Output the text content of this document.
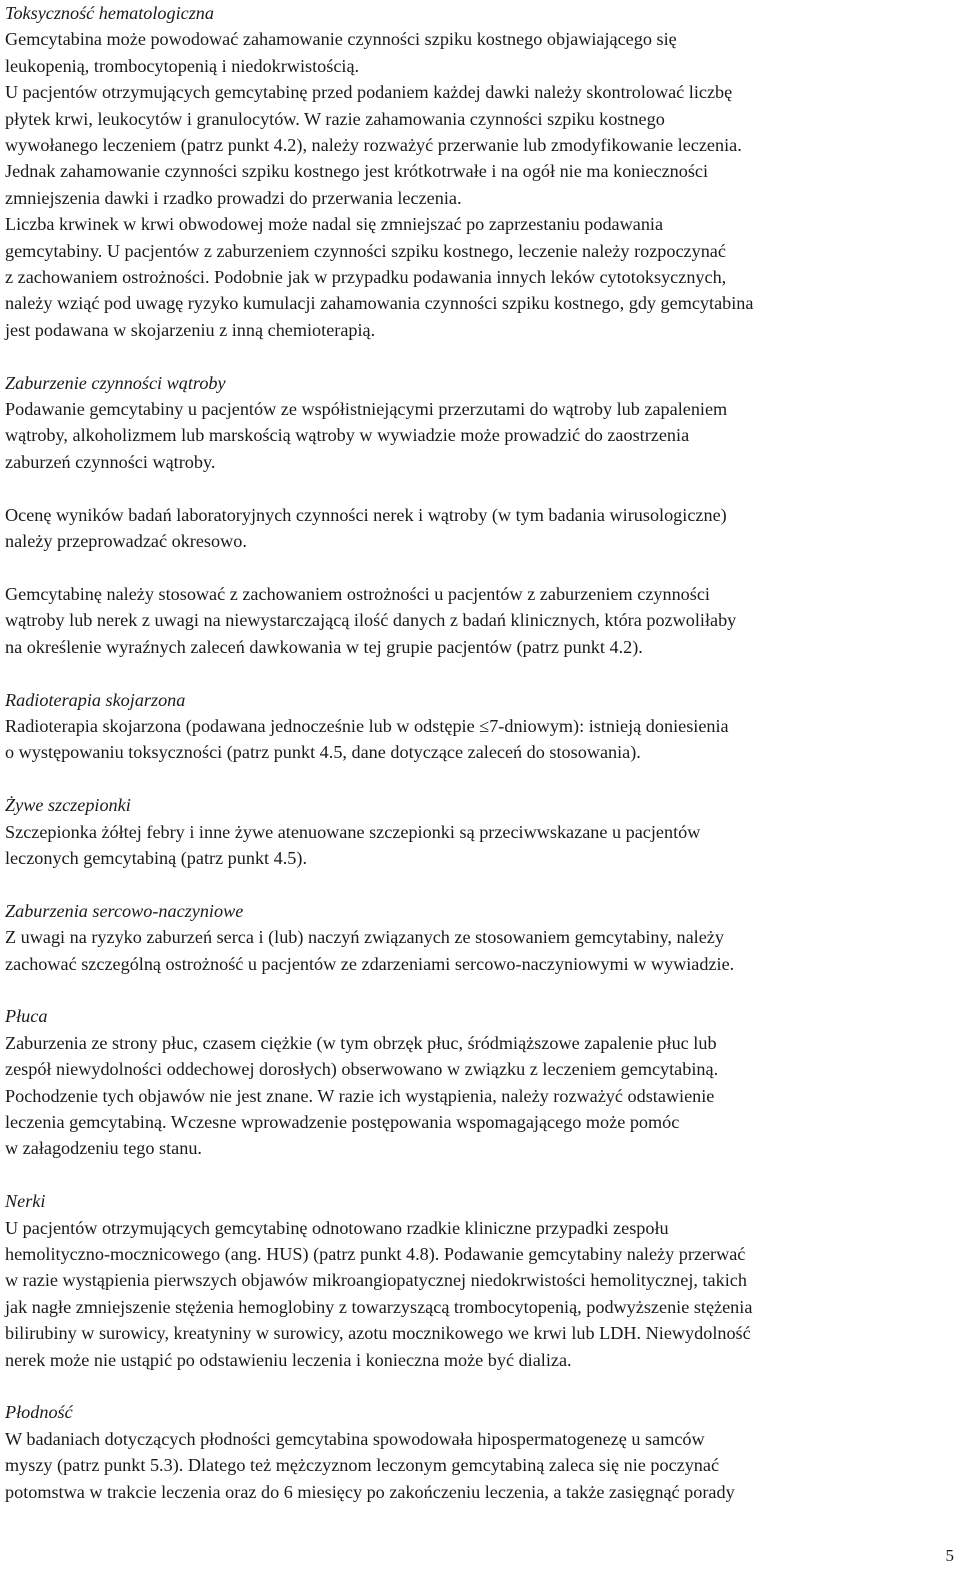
Toksyczność hematologiczna
Gemcytabina może powodować zahamowanie czynności szpiku kostnego objawiającego się
leukopenią, trombocytopenią i niedokrwistością.
U pacjentów otrzymujących gemcytabinę przed podaniem każdej dawki należy skontrolować liczbę
płytek krwi, leukocytów i granulocytów. W razie zahamowania czynności szpiku kostnego
wywołanego leczeniem (patrz punkt 4.2), należy rozważyć przerwanie lub zmodyfikowanie leczenia.
Jednak zahamowanie czynności szpiku kostnego jest krótkotrwałe i na ogół nie ma konieczności
zmniejszenia dawki i rzadko prowadzi do przerwania leczenia.
Liczba krwinek w krwi obwodowej może nadal się zmniejszać po zaprzestaniu podawania
gemcytabiny. U pacjentów z zaburzeniem czynności szpiku kostnego, leczenie należy rozpoczynać
z zachowaniem ostrożności. Podobnie jak w przypadku podawania innych leków cytotoksycznych,
należy wziąć pod uwagę ryzyko kumulacji zahamowania czynności szpiku kostnego, gdy gemcytabina
jest podawana w skojarzeniu z inną chemioterapią.
Zaburzenie czynności wątroby
Podawanie gemcytabiny u pacjentów ze współistniejącymi przerzutami do wątroby lub zapaleniem
wątroby, alkoholizmem lub marskością wątroby w wywiadzie może prowadzić do zaostrzenia
zaburzeń czynności wątroby.
Ocenę wyników badań laboratoryjnych czynności nerek i wątroby (w tym badania wirusologiczne)
należy przeprowadzać okresowo.
Gemcytabinę należy stosować z zachowaniem ostrożności u pacjentów z zaburzeniem czynności
wątroby lub nerek z uwagi na niewystarczającą ilość danych z badań klinicznych, która pozwoliłaby
na określenie wyraźnych zaleceń dawkowania w tej grupie pacjentów (patrz punkt 4.2).
Radioterapia skojarzona
Radioterapia skojarzona (podawana jednocześnie lub w odstępie ≤7-dniowym): istnieją doniesienia
o występowaniu toksyczności (patrz punkt 4.5, dane dotyczące zaleceń do stosowania).
Żywe szczepionki
Szczepionka żółtej febry i inne żywe atenuowane szczepionki są przeciwwskazane u pacjentów
leczonych gemcytabiną (patrz punkt 4.5).
Zaburzenia sercowo-naczyniowe
Z uwagi na ryzyko zaburzeń serca i (lub) naczyń związanych ze stosowaniem gemcytabiny, należy
zachować szczególną ostrożność u pacjentów ze zdarzeniami sercowo-naczyniowymi w wywiadzie.
Płuca
Zaburzenia ze strony płuc, czasem ciężkie (w tym obrzęk płuc, śródmiąższowe zapalenie płuc lub
zespół niewydolności oddechowej dorosłych) obserwowano w związku z leczeniem gemcytabiną.
Pochodzenie tych objawów nie jest znane. W razie ich wystąpienia, należy rozważyć odstawienie
leczenia gemcytabiną. Wczesne wprowadzenie postępowania wspomagającego może pomóc
w załagodzeniu tego stanu.
Nerki
U pacjentów otrzymujących gemcytabinę odnotowano rzadkie kliniczne przypadki zespołu
hemolityczno-mocznicowego (ang. HUS) (patrz punkt 4.8). Podawanie gemcytabiny należy przerwać
w razie wystąpienia pierwszych objawów mikroangiopatycznej niedokrwistości hemolitycznej, takich
jak nagłe zmniejszenie stężenia hemoglobiny z towarzyszącą trombocytopenią, podwyższenie stężenia
bilirubiny w surowicy, kreatyniny w surowicy, azotu mocznikowego we krwi lub LDH. Niewydolność
nerek może nie ustąpić po odstawieniu leczenia i konieczna może być dializa.
Płodność
W badaniach dotyczących płodności gemcytabina spowodowała hipospermatogenezę u samców
myszy (patrz punkt 5.3). Dlatego też mężczyznom leczonym gemcytabiną zaleca się nie poczynać
potomstwa w trakcie leczenia oraz do 6 miesięcy po zakończeniu leczenia, a także zasięgnąć porady
5
